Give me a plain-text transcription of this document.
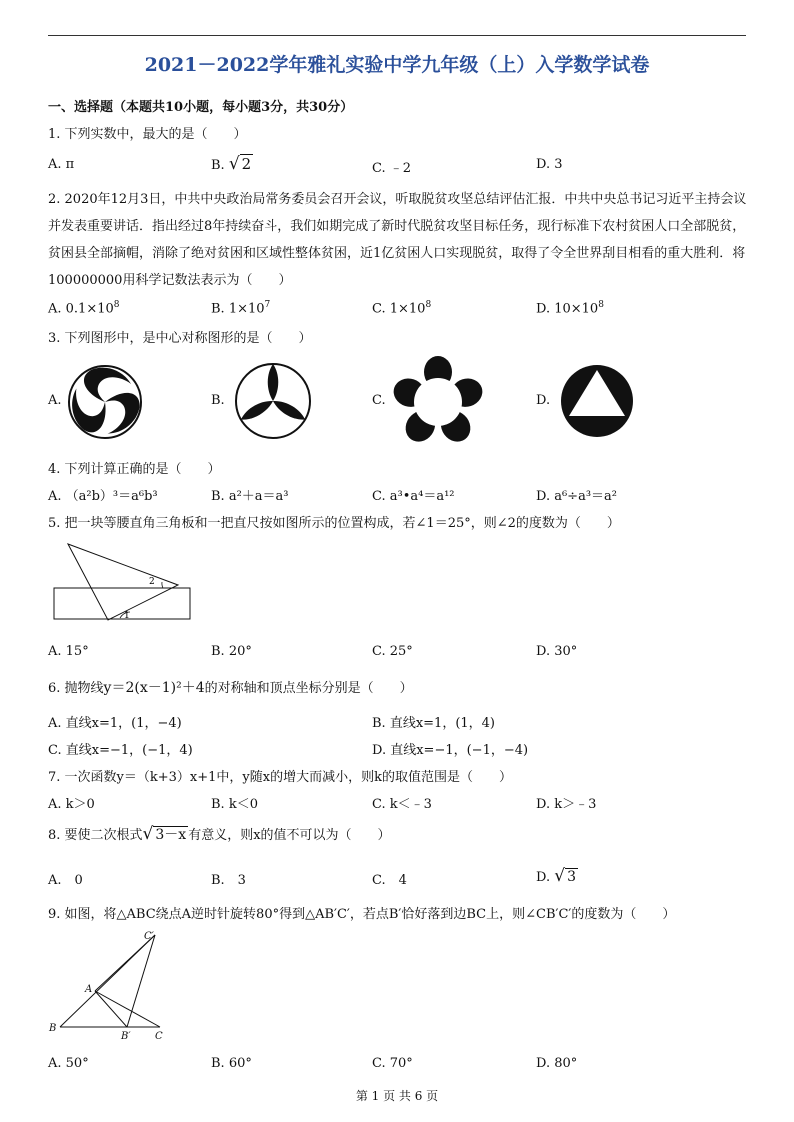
2021－2022学年雅礼实验中学九年级（上）入学数学试卷
一、选择题（本题共10小题，每小题3分，共30分）
1. 下列实数中，最大的是（　　）
A. π	B. √ 2	C. ﹣2	D. 3
2. 2020年12月3日，中共中央政治局常务委员会召开会议，听取脱贫攻坚总结评估汇报．中共中央总书记习近平主持会议并发表重要讲话．指出经过8年持续奋斗，我们如期完成了新时代脱贫攻坚目标任务，现行标准下农村贫困人口全部脱贫，贫困县全部摘帽，消除了绝对贫困和区域性整体贫困，近1亿贫困人口实现脱贫，取得了令全世界刮目相看的重大胜利．将100000000用科学记数法表示为（　　）
A. $0.1\times 10^8$	B. $1\times 10^7$	C. $1\times 10^8$	D. $10\times 10^8$
3. 下列图形中，是中心对称图形的是（　　）
A.	B.	C.	D.
4. 下列计算正确的是（　　）
A. （a²b）³＝a⁶b³	B. a²＋a＝a³	C. a³•a⁴＝a¹²	D. a⁶÷a³＝a²
5. 把一块等腰直角三角板和一把直尺按如图所示的位置构成，若∠1＝25°，则∠2的度数为（　　）
1
2
A. 15°	B. 20°	C. 25°	D. 30°
6. 抛物线y＝2(x－1)²＋4的对称轴和顶点坐标分别是（　　）
A. 直线x=1，(1，−4)	B. 直线x=1，(1，4)
C. 直线x=−1，(−1，4)	D. 直线x=−1，(−1，−4)
7. 一次函数y＝（k+3）x+1中，y随x的增大而减小，则k的取值范围是（　　）
A. k＞0	B. k＜0	C. k＜﹣3	D. k＞﹣3
8. 要使二次根式√ 3－x 有意义，则x的值不可以为（　　）
A.　0	B.　3	C.　4	D. √ 3
9. 如图，将△ABC绕点A逆时针旋转80°得到△AB′C′，若点B′恰好落到边BC上，则∠CB′C′的度数为（　　）
C′
A
B
B′ C
A. 50°	B. 60°	C. 70°	D. 80°
第 1 页 共 6 页
